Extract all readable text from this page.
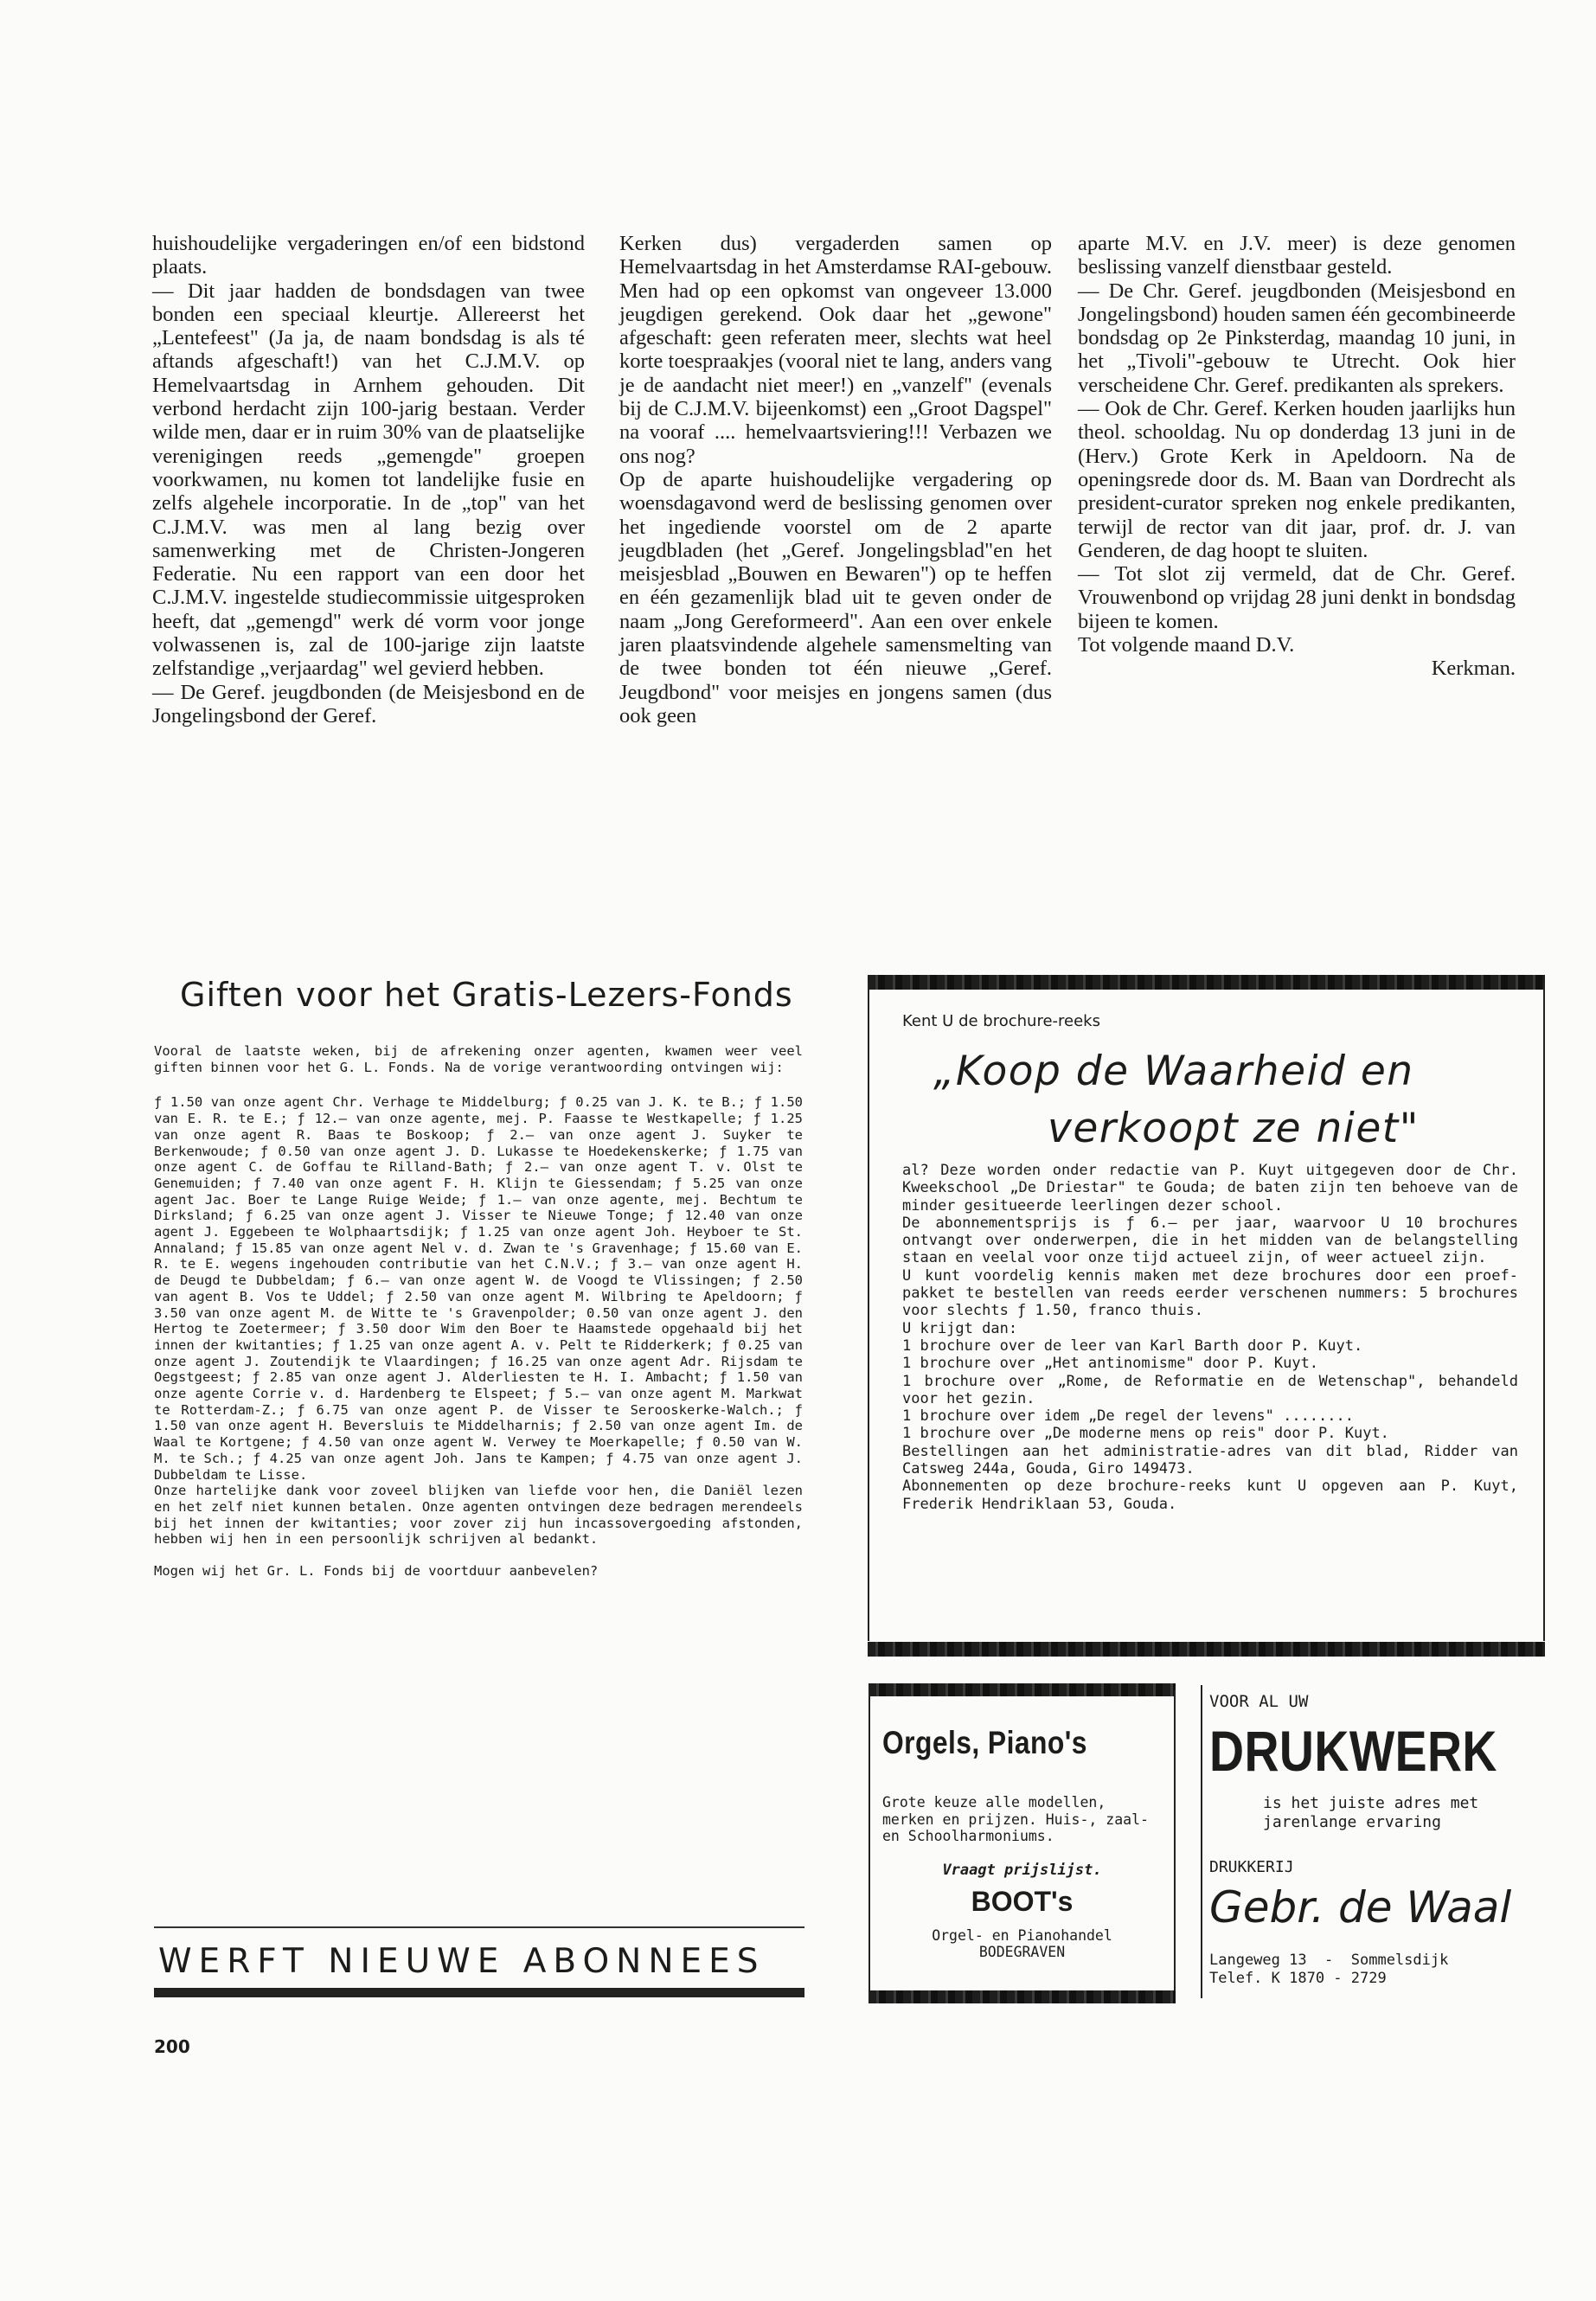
huishoudelijke vergaderingen en/of een bidstond plaats.

— Dit jaar hadden de bondsdagen van twee bonden een speciaal kleurtje. Allereerst het „Lentefeest" (Ja ja, de naam bondsdag is als té aftands afgeschaft!) van het C.J.M.V. op Hemelvaartsdag in Arnhem gehouden. Dit verbond herdacht zijn 100-jarig bestaan. Verder wilde men, daar er in ruim 30% van de plaatselijke verenigingen reeds „gemengde" groepen voorkwamen, nu komen tot landelijke fusie en zelfs algehele incorporatie. In de „top" van het C.J.M.V. was men al lang bezig over samenwerking met de Christen-Jongeren Federatie. Nu een rapport van een door het C.J.M.V. ingestelde studiecommissie uitgesproken heeft, dat „gemengd" werk dé vorm voor jonge volwassenen is, zal de 100-jarige zijn laatste zelfstandige „verjaardag" wel gevierd hebben.

— De Geref. jeugdbonden (de Meisjesbond en de Jongelingsbond der Geref.

Kerken dus) vergaderden samen op Hemelvaartsdag in het Amsterdamse RAI-gebouw. Men had op een opkomst van ongeveer 13.000 jeugdigen gerekend. Ook daar het „gewone" afgeschaft: geen referaten meer, slechts wat heel korte toespraakjes (vooral niet te lang, anders vang je de aandacht niet meer!) en „vanzelf" (evenals bij de C.J.M.V. bijeenkomst) een „Groot Dagspel" na vooraf .... hemelvaartsviering!!! Verbazen we ons nog?

Op de aparte huishoudelijke vergadering op woensdagavond werd de beslissing genomen over het ingediende voorstel om de 2 aparte jeugdbladen (het „Geref. Jongelingsblad"en het meisjesblad „Bouwen en Bewaren") op te heffen en één gezamenlijk blad uit te geven onder de naam „Jong Gereformeerd". Aan een over enkele jaren plaatsvindende algehele samensmelting van de twee bonden tot één nieuwe „Geref. Jeugdbond" voor meisjes en jongens samen (dus ook geen

aparte M.V. en J.V. meer) is deze genomen beslissing vanzelf dienstbaar gesteld.

— De Chr. Geref. jeugdbonden (Meisjesbond en Jongelingsbond) houden samen één gecombineerde bondsdag op 2e Pinksterdag, maandag 10 juni, in het „Tivoli"-gebouw te Utrecht. Ook hier verscheidene Chr. Geref. predikanten als sprekers.

— Ook de Chr. Geref. Kerken houden jaarlijks hun theol. schooldag. Nu op donderdag 13 juni in de (Herv.) Grote Kerk in Apeldoorn. Na de openingsrede door ds. M. Baan van Dordrecht als president-curator spreken nog enkele predikanten, terwijl de rector van dit jaar, prof. dr. J. van Genderen, de dag hoopt te sluiten.

— Tot slot zij vermeld, dat de Chr. Geref. Vrouwenbond op vrijdag 28 juni denkt in bondsdag bijeen te komen.

Tot volgende maand D.V.

Kerkman.

Giften voor het Gratis-Lezers-Fonds

Vooral de laatste weken, bij de afrekening onzer agenten, kwamen weer veel giften binnen voor het G. L. Fonds. Na de vorige verantwoording ontvingen wij:

ƒ 1.50 van onze agent Chr. Verhage te Middelburg; ƒ 0.25 van J. K. te B.; ƒ 1.50 van E. R. te E.; ƒ 12.— van onze agente, mej. P. Faasse te Westkapelle; ƒ 1.25 van onze agent R. Baas te Boskoop; ƒ 2.— van onze agent J. Suyker te Berkenwoude; ƒ 0.50 van onze agent J. D. Lukasse te Hoedekenskerke; ƒ 1.75 van onze agent C. de Goffau te Rilland-Bath; ƒ 2.— van onze agent T. v. Olst te Genemuiden; ƒ 7.40 van onze agent F. H. Klijn te Giessendam; ƒ 5.25 van onze agent Jac. Boer te Lange Ruige Weide; ƒ 1.— van onze agente, mej. Bechtum te Dirksland; ƒ 6.25 van onze agent J. Visser te Nieuwe Tonge; ƒ 12.40 van onze agent J. Eggebeen te Wolphaartsdijk; ƒ 1.25 van onze agent Joh. Heyboer te St. Annaland; ƒ 15.85 van onze agent Nel v. d. Zwan te 's Gravenhage; ƒ 15.60 van E. R. te E. wegens ingehouden contributie van het C.N.V.; ƒ 3.— van onze agent H. de Deugd te Dubbeldam; ƒ 6.— van onze agent W. de Voogd te Vlissingen; ƒ 2.50 van agent B. Vos te Uddel; ƒ 2.50 van onze agent M. Wilbring te Apeldoorn; ƒ 3.50 van onze agent M. de Witte te 's Gravenpolder; 0.50 van onze agent J. den Hertog te Zoetermeer; ƒ 3.50 door Wim den Boer te Haamstede opgehaald bij het innen der kwitanties; ƒ 1.25 van onze agent A. v. Pelt te Ridderkerk; ƒ 0.25 van onze agent J. Zoutendijk te Vlaardingen; ƒ 16.25 van onze agent Adr. Rijsdam te Oegstgeest; ƒ 2.85 van onze agent J. Alderliesten te H. I. Ambacht; ƒ 1.50 van onze agente Corrie v. d. Hardenberg te Elspeet; ƒ 5.— van onze agent M. Markwat te Rotterdam-Z.; ƒ 6.75 van onze agent P. de Visser te Serooskerke-Walch.; ƒ 1.50 van onze agent H. Beversluis te Middelharnis; ƒ 2.50 van onze agent Im. de Waal te Kortgene; ƒ 4.50 van onze agent W. Verwey te Moerkapelle; ƒ 0.50 van W. M. te Sch.; ƒ 4.25 van onze agent Joh. Jans te Kampen; ƒ 4.75 van onze agent J. Dubbeldam te Lisse.

Onze hartelijke dank voor zoveel blijken van liefde voor hen, die Daniël lezen en het zelf niet kunnen betalen. Onze agenten ontvingen deze bedragen merendeels bij het innen der kwitanties; voor zover zij hun incassovergoeding afstonden, hebben wij hen in een persoonlijk schrijven al bedankt.

Mogen wij het Gr. L. Fonds bij de voortduur aanbevelen?

WERFT NIEUWE ABONNEES
Kent U de brochure-reeks
„Koop de Waarheid en
verkoopt ze niet"

al? Deze worden onder redactie van P. Kuyt uitgegeven door de Chr. Kweekschool „De Driestar" te Gouda; de baten zijn ten behoeve van de minder gesitueerde leerlingen dezer school.

De abonnementsprijs is ƒ 6.— per jaar, waarvoor U 10 brochures ontvangt over onderwerpen, die in het midden van de belangstelling staan en veelal voor onze tijd actueel zijn, of weer actueel zijn.

U kunt voordelig kennis maken met deze brochures door een proef-pakket te bestellen van reeds eerder verschenen nummers: 5 brochures voor slechts ƒ 1.50, franco thuis.

U krijgt dan:

1 brochure over de leer van Karl Barth door P. Kuyt.
1 brochure over „Het antinomisme" door P. Kuyt.
1 brochure over „Rome, de Reformatie en de Wetenschap", behandeld voor het gezin.
1 brochure over idem „De regel der levens" ........
1 brochure over „De moderne mens op reis" door P. Kuyt.

Bestellingen aan het administratie-adres van dit blad, Ridder van Catsweg 244a, Gouda, Giro 149473.

Abonnementen op deze brochure-reeks kunt U opgeven aan P. Kuyt, Frederik Hendriklaan 53, Gouda.

Orgels, Piano's
Grote keuze alle modellen, merken en prijzen. Huis-, zaal- en Schoolharmoniums.
Vraagt prijslijst.
BOOT's
Orgel- en Pianohandel
BODEGRAVEN
VOOR AL UW
DRUKWERK
is het juiste adres met jarenlange ervaring
DRUKKERIJ
Gebr. de Waal
Langeweg 13  -  Sommelsdijk
Telef. K 1870 - 2729
200
